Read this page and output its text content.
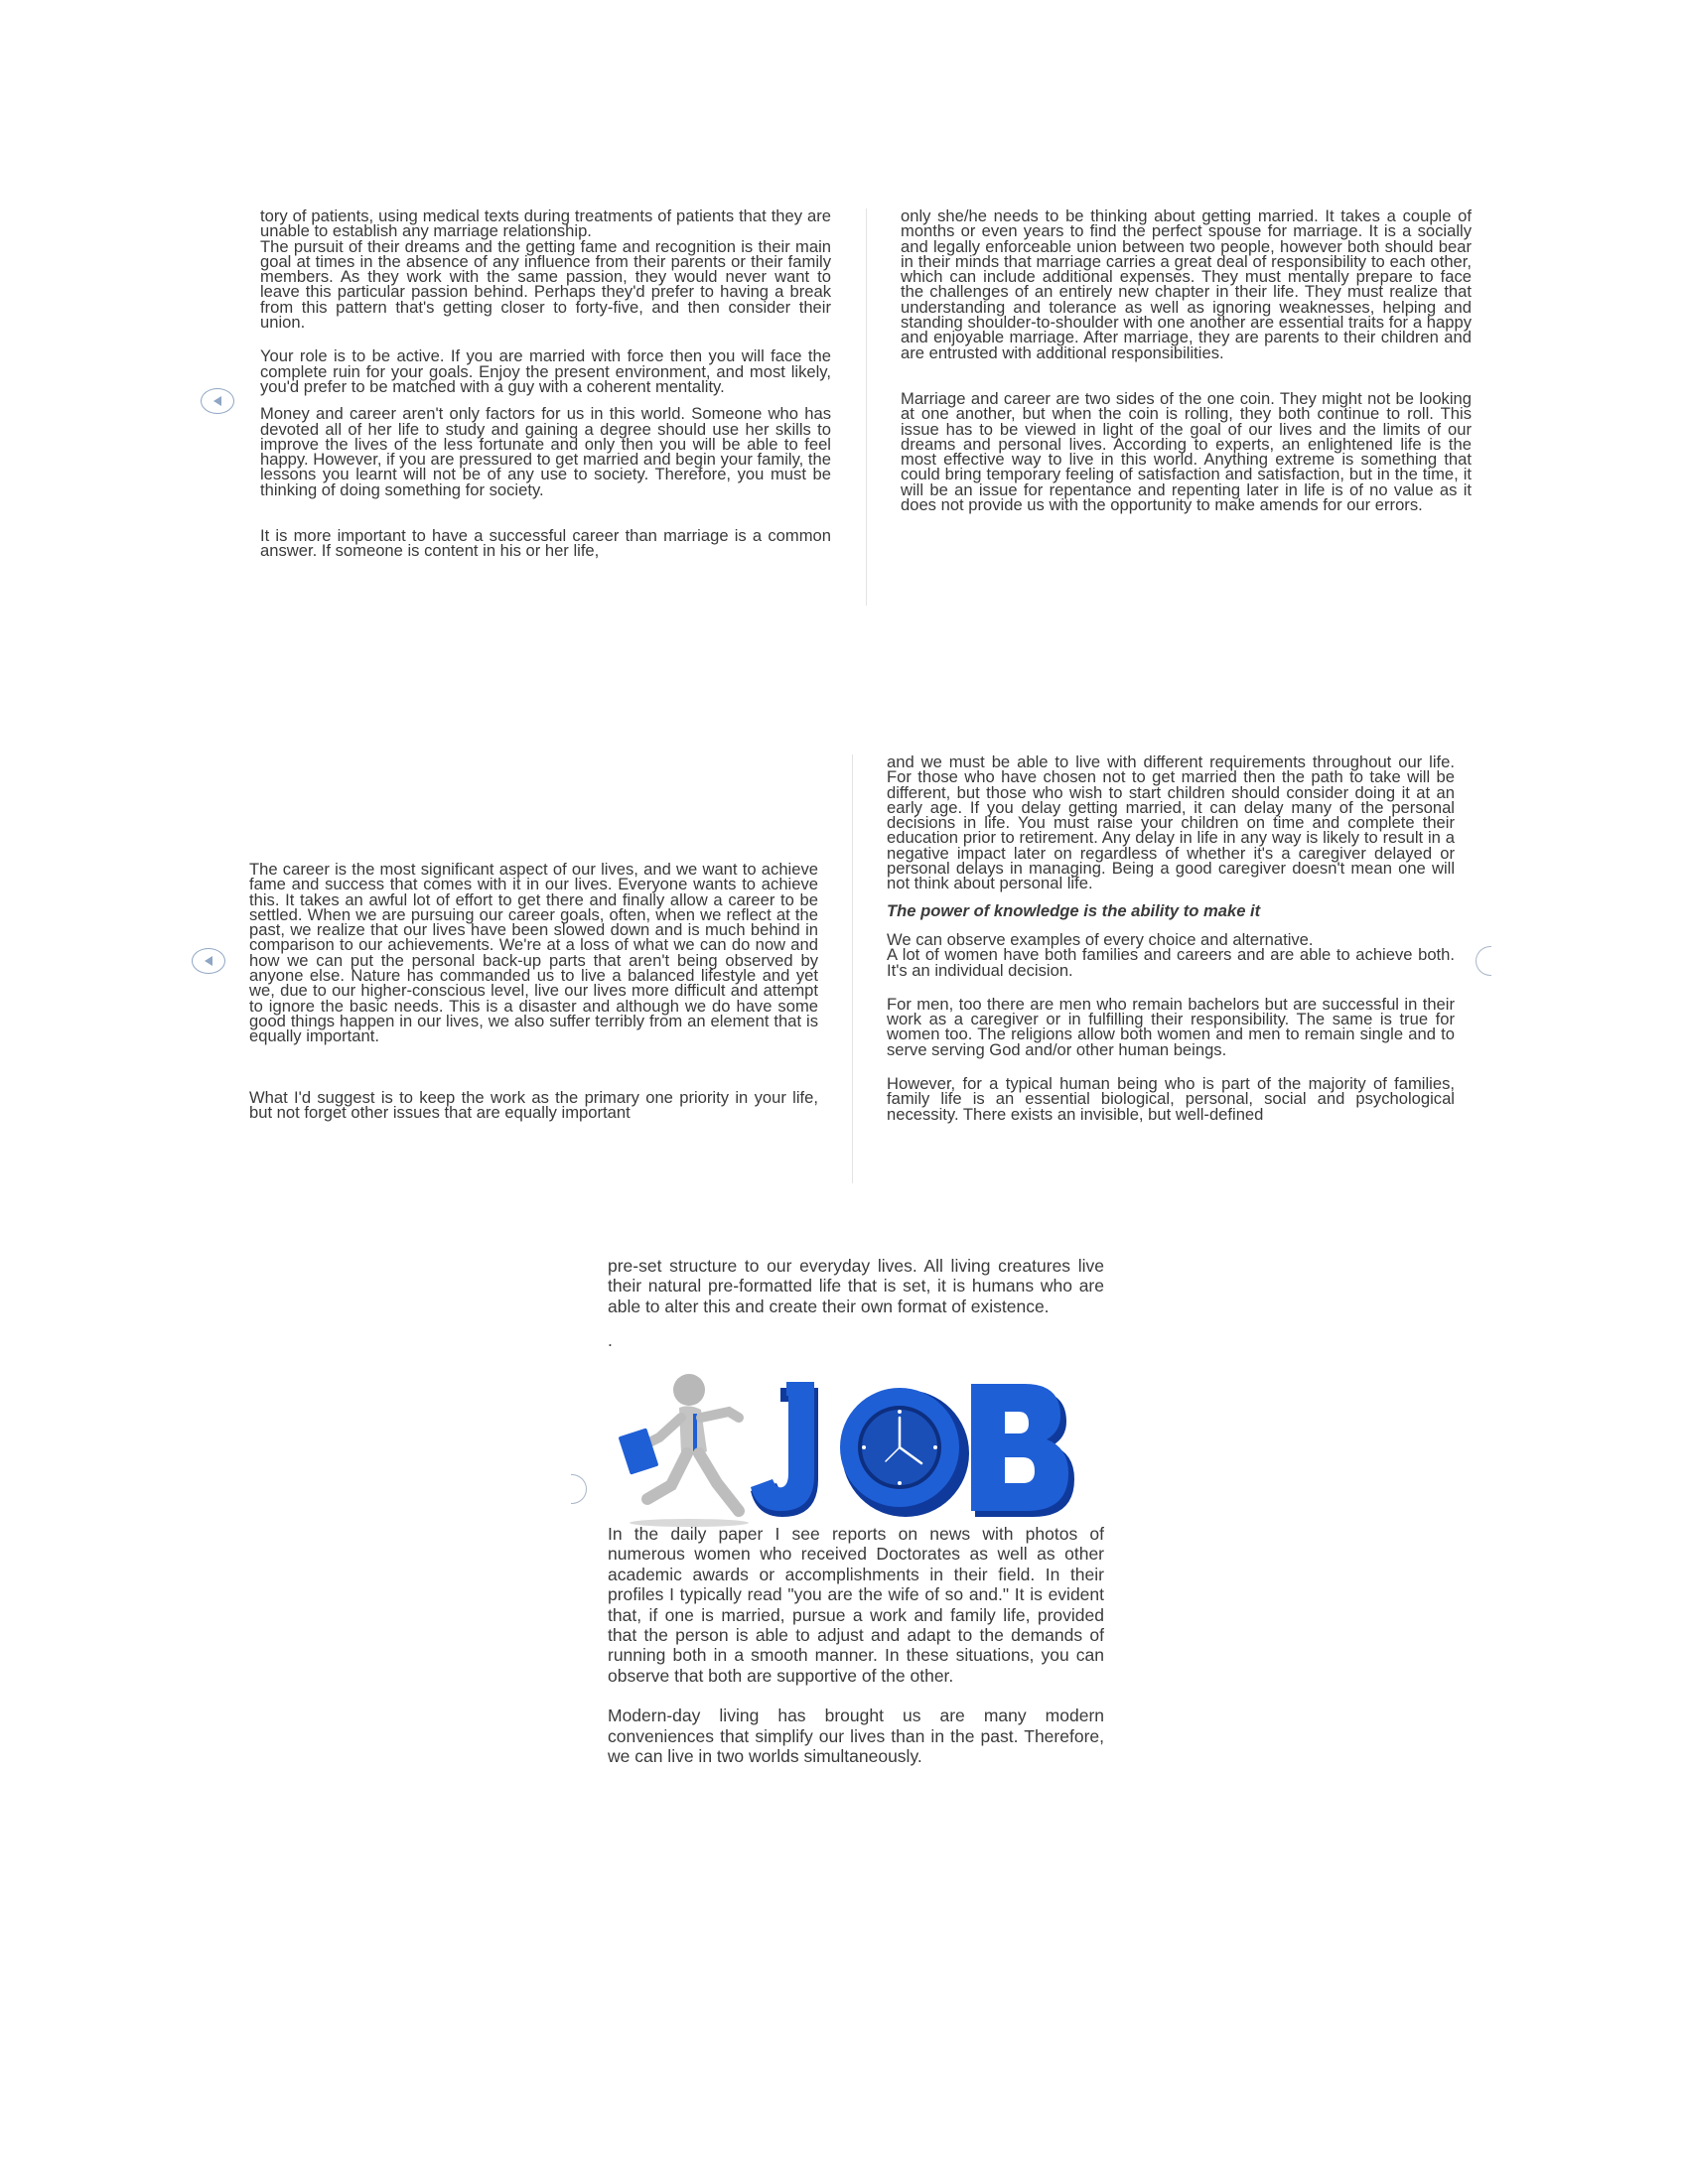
tory of patients, using medical texts during treatments of patients that they are unable to establish any marriage relationship.

The pursuit of their dreams and the getting fame and recognition is their main goal at times in the absence of any influence from their parents or their family members. As they work with the same passion, they would never want to leave this particular passion behind. Perhaps they'd prefer to having a break from this pattern that's getting closer to forty-five, and then consider their union.

Your role is to be active. If you are married with force then you will face the complete ruin for your goals. Enjoy the present environment, and most likely, you'd prefer to be matched with a guy with a coherent mentality.

Money and career aren't only factors for us in this world. Someone who has devoted all of her life to study and gaining a degree should use her skills to improve the lives of the less fortunate and only then you will be able to feel happy. However, if you are pressured to get married and begin your family, the lessons you learnt will not be of any use to society. Therefore, you must be thinking of doing something for society.

It is more important to have a successful career than marriage is a common answer. If someone is content in his or her life,

only she/he needs to be thinking about getting married. It takes a couple of months or even years to find the perfect spouse for marriage. It is a socially and legally enforceable union between two people, however both should bear in their minds that marriage carries a great deal of responsibility to each other, which can include additional expenses. They must mentally prepare to face the challenges of an entirely new chapter in their life. They must realize that understanding and tolerance as well as ignoring weaknesses, helping and standing shoulder-to-shoulder with one another are essential traits for a happy and enjoyable marriage. After marriage, they are parents to their children and are entrusted with additional responsibilities.

Marriage and career are two sides of the one coin. They might not be looking at one another, but when the coin is rolling, they both continue to roll. This issue has to be viewed in light of the goal of our lives and the limits of our dreams and personal lives. According to experts, an enlightened life is the most effective way to live in this world. Anything extreme is something that could bring temporary feeling of satisfaction and satisfaction, but in the time, it will be an issue for repentance and repenting later in life is of no value as it does not provide us with the opportunity to make amends for our errors.

The career is the most significant aspect of our lives, and we want to achieve fame and success that comes with it in our lives. Everyone wants to achieve this. It takes an awful lot of effort to get there and finally allow a career to be settled. When we are pursuing our career goals, often, when we reflect at the past, we realize that our lives have been slowed down and is much behind in comparison to our achievements. We're at a loss of what we can do now and how we can put the personal back-up parts that aren't being observed by anyone else. Nature has commanded us to live a balanced lifestyle and yet we, due to our higher-conscious level, live our lives more difficult and attempt to ignore the basic needs. This is a disaster and although we do have some good things happen in our lives, we also suffer terribly from an element that is equally important.

What I'd suggest is to keep the work as the primary one priority in your life, but not forget other issues that are equally important

and we must be able to live with different requirements throughout our life. For those who have chosen not to get married then the path to take will be different, but those who wish to start children should consider doing it at an early age. If you delay getting married, it can delay many of the personal decisions in life. You must raise your children on time and complete their education prior to retirement. Any delay in life in any way is likely to result in a negative impact later on regardless of whether it's a caregiver delayed or personal delays in managing. Being a good caregiver doesn't mean one will not think about personal life.

The power of knowledge is the ability to make it

We can observe examples of every choice and alternative.

A lot of women have both families and careers and are able to achieve both. It's an individual decision.

For men, too there are men who remain bachelors but are successful in their work as a caregiver or in fulfilling their responsibility. The same is true for women too. The religions allow both women and men to remain single and to serve serving God and/or other human beings.

However, for a typical human being who is part of the majority of families, family life is an essential biological, personal, social and psychological necessity. There exists an invisible, but well-defined

pre-set structure to our everyday lives. All living creatures live their natural pre-formatted life that is set, it is humans who are able to alter this and create their own format of existence.

.

In the daily paper I see reports on news with photos of numerous women who received Doctorates as well as other academic awards or accomplishments in their field. In their profiles I typically read "you are the wife of so and." It is evident that, if one is married, pursue a work and family life, provided that the person is able to adjust and adapt to the demands of running both in a smooth manner. In these situations, you can observe that both are supportive of the other.

Modern-day living has brought us are many modern conveniences that simplify our lives than in the past. Therefore, we can live in two worlds simultaneously.
